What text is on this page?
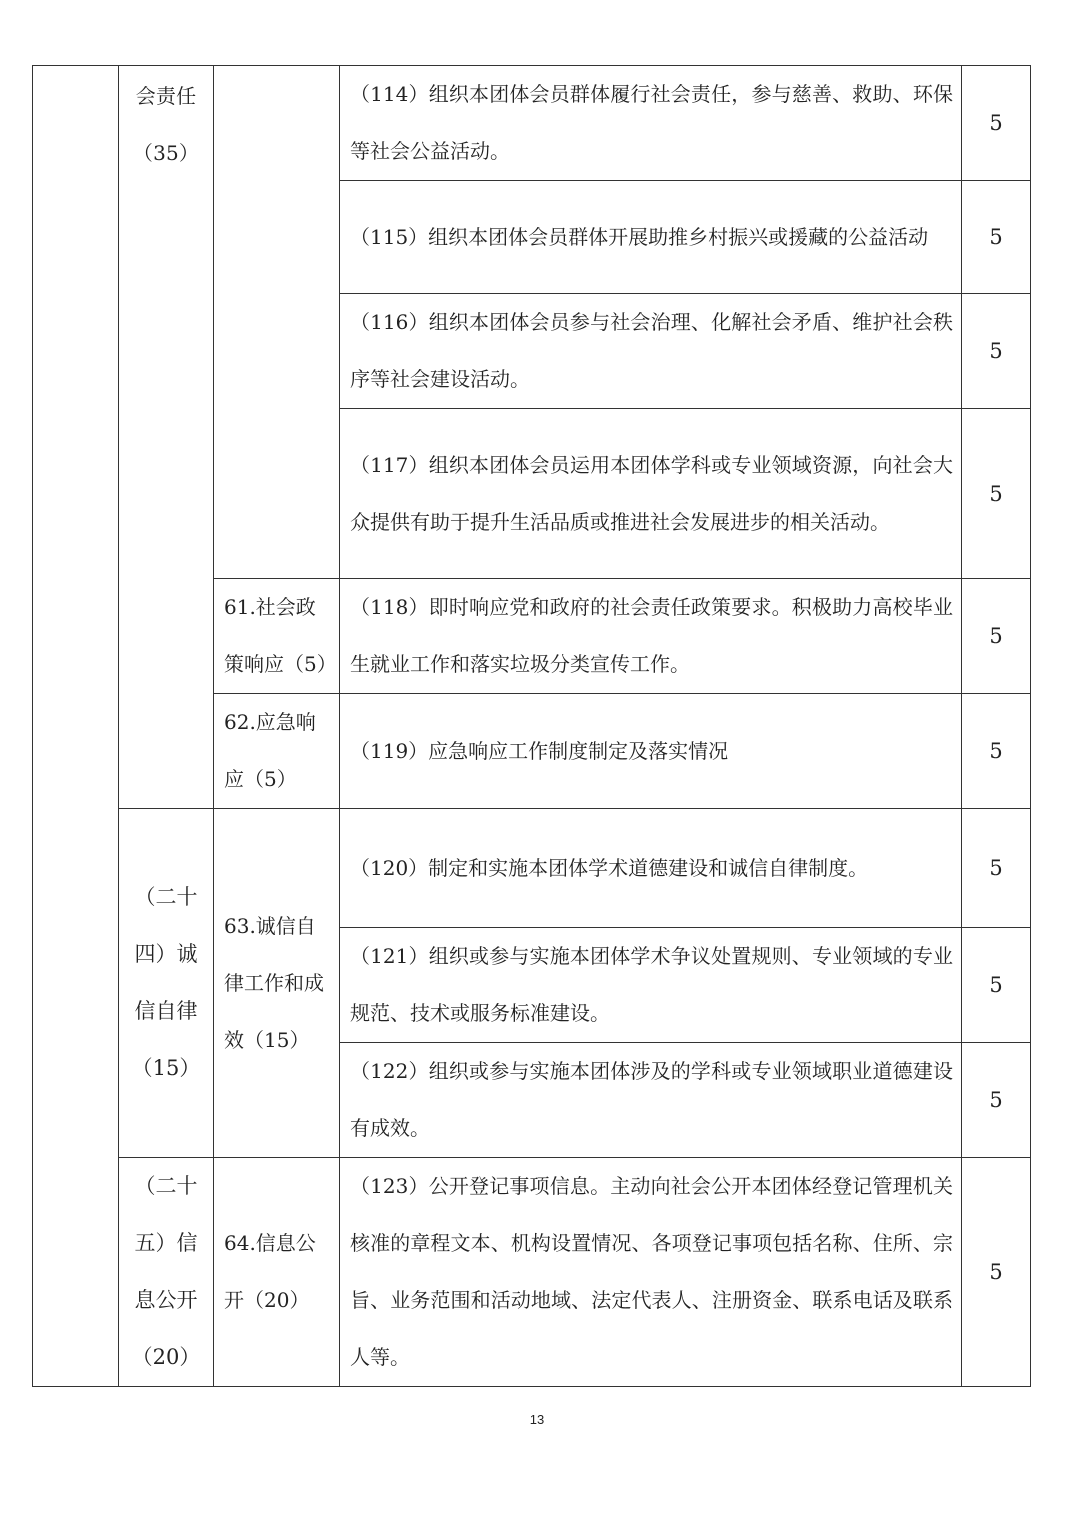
	会责任
（35）		（114）组织本团体会员群体履行社会责任，参与慈善、救助、环保等社会公益活动。	5
			（115）组织本团体会员群体开展助推乡村振兴或援藏的公益活动	5
			（116）组织本团体会员参与社会治理、化解社会矛盾、维护社会秩序等社会建设活动。	5
			（117）组织本团体会员运用本团体学科或专业领域资源，向社会大众提供有助于提升生活品质或推进社会发展进步的相关活动。	5
		61.社会政策响应（5）	（118）即时响应党和政府的社会责任政策要求。积极助力高校毕业生就业工作和落实垃圾分类宣传工作。	5
		62.应急响应（5）	（119）应急响应工作制度制定及落实情况	5

	（二十
四）诚
信自律
（15）	63.诚信自律工作和成效（15）	（120）制定和实施本团体学术道德建设和诚信自律制度。	5
			（121）组织或参与实施本团体学术争议处置规则、专业领域的专业规范、技术或服务标准建设。	5
			（122）组织或参与实施本团体涉及的学科或专业领域职业道德建设有成效。	5

	（二十
五）信
息公开
（20）	64.信息公开（20）	（123）公开登记事项信息。主动向社会公开本团体经登记管理机关核准的章程文本、机构设置情况、各项登记事项包括名称、住所、宗旨、业务范围和活动地域、法定代表人、注册资金、联系电话及联系人等。	5
13
